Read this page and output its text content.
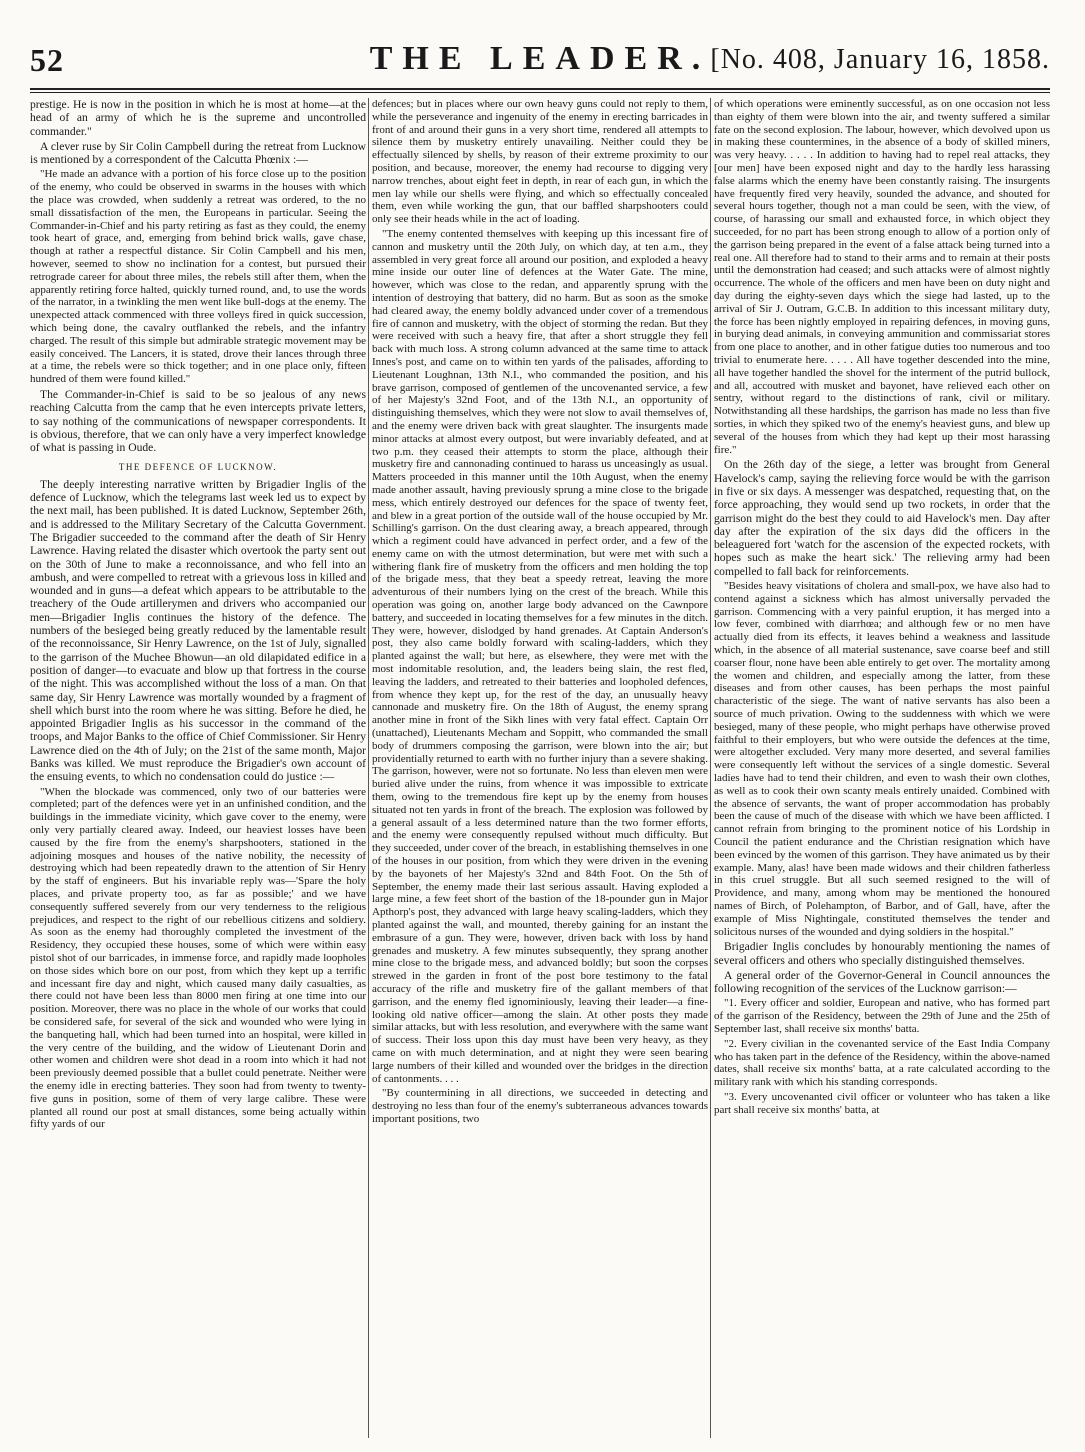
52	THE LEADER. [No. 408, January 16, 1858.

prestige. He is now in the position in which he is most at home—at the head of an army of which he is the supreme and uncontrolled commander."

A clever ruse by Sir Colin Campbell during the retreat from Lucknow is mentioned by a correspondent of the Calcutta Phœnix :—

"He made an advance with a portion of his force close up to the position of the enemy, who could be observed in swarms in the houses with which the place was crowded, when suddenly a retreat was ordered, to the no small dissatisfaction of the men, the Europeans in particular. Seeing the Commander-in-Chief and his party retiring as fast as they could, the enemy took heart of grace, and, emerging from behind brick walls, gave chase, though at rather a respectful distance. Sir Colin Campbell and his men, however, seemed to show no inclination for a contest, but pursued their retrograde career for about three miles, the rebels still after them, when the apparently retiring force halted, quickly turned round, and, to use the words of the narrator, in a twinkling the men went like bull-dogs at the enemy. The unexpected attack commenced with three volleys fired in quick succession, which being done, the cavalry outflanked the rebels, and the infantry charged. The result of this simple but admirable strategic movement may be easily conceived. The Lancers, it is stated, drove their lances through three at a time, the rebels were so thick together; and in one place only, fifteen hundred of them were found killed."

The Commander-in-Chief is said to be so jealous of any news reaching Calcutta from the camp that he even intercepts private letters, to say nothing of the communications of newspaper correspondents. It is obvious, therefore, that we can only have a very imperfect knowledge of what is passing in Oude.

THE DEFENCE OF LUCKNOW.

The deeply interesting narrative written by Brigadier Inglis of the defence of Lucknow, which the telegrams last week led us to expect by the next mail, has been published. It is dated Lucknow, September 26th, and is addressed to the Military Secretary of the Calcutta Government. The Brigadier succeeded to the command after the death of Sir Henry Lawrence. Having related the disaster which overtook the party sent out on the 30th of June to make a reconnoissance, and who fell into an ambush, and were compelled to retreat with a grievous loss in killed and wounded and in guns—a defeat which appears to be attributable to the treachery of the Oude artillerymen and drivers who accompanied our men—Brigadier Inglis continues the history of the defence. The numbers of the besieged being greatly reduced by the lamentable result of the reconnoissance, Sir Henry Lawrence, on the 1st of July, signalled to the garrison of the Muchee Bhowun—an old dilapidated edifice in a position of danger—to evacuate and blow up that fortress in the course of the night. This was accomplished without the loss of a man. On that same day, Sir Henry Lawrence was mortally wounded by a fragment of shell which burst into the room where he was sitting. Before he died, he appointed Brigadier Inglis as his successor in the command of the troops, and Major Banks to the office of Chief Commissioner. Sir Henry Lawrence died on the 4th of July; on the 21st of the same month, Major Banks was killed. We must reproduce the Brigadier's own account of the ensuing events, to which no condensation could do justice :—

"When the blockade was commenced, only two of our batteries were completed; part of the defences were yet in an unfinished condition, and the buildings in the immediate vicinity, which gave cover to the enemy, were only very partially cleared away. Indeed, our heaviest losses have been caused by the fire from the enemy's sharpshooters, stationed in the adjoining mosques and houses of the native nobility, the necessity of destroying which had been repeatedly drawn to the attention of Sir Henry by the staff of engineers. But his invariable reply was—'Spare the holy places, and private property too, as far as possible;' and we have consequently suffered severely from our very tenderness to the religious prejudices, and respect to the right of our rebellious citizens and soldiery. As soon as the enemy had thoroughly completed the investment of the Residency, they occupied these houses, some of which were within easy pistol shot of our barricades, in immense force, and rapidly made loopholes on those sides which bore on our post, from which they kept up a terrific and incessant fire day and night, which caused many daily casualties, as there could not have been less than 8000 men firing at one time into our position. Moreover, there was no place in the whole of our works that could be considered safe, for several of the sick and wounded who were lying in the banqueting hall, which had been turned into an hospital, were killed in the very centre of the building, and the widow of Lieutenant Dorin and other women and children were shot dead in a room into which it had not been previously deemed possible that a bullet could penetrate. Neither were the enemy idle in erecting batteries. They soon had from twenty to twenty-five guns in position, some of them of very large calibre. These were planted all round our post at small distances, some being actually within fifty yards of our

defences; but in places where our own heavy guns could not reply to them, while the perseverance and ingenuity of the enemy in erecting barricades in front of and around their guns in a very short time, rendered all attempts to silence them by musketry entirely unavailing. Neither could they be effectually silenced by shells, by reason of their extreme proximity to our position, and because, moreover, the enemy had recourse to digging very narrow trenches, about eight feet in depth, in rear of each gun, in which the men lay while our shells were flying, and which so effectually concealed them, even while working the gun, that our baffled sharpshooters could only see their heads while in the act of loading.

"The enemy contented themselves with keeping up this incessant fire of cannon and musketry until the 20th July, on which day, at ten a.m., they assembled in very great force all around our position, and exploded a heavy mine inside our outer line of defences at the Water Gate. The mine, however, which was close to the redan, and apparently sprung with the intention of destroying that battery, did no harm. But as soon as the smoke had cleared away, the enemy boldly advanced under cover of a tremendous fire of cannon and musketry, with the object of storming the redan. But they were received with such a heavy fire, that after a short struggle they fell back with much loss. A strong column advanced at the same time to attack Innes's post, and came on to within ten yards of the palisades, affording to Lieutenant Loughnan, 13th N.I., who commanded the position, and his brave garrison, composed of gentlemen of the uncovenanted service, a few of her Majesty's 32nd Foot, and of the 13th N.I., an opportunity of distinguishing themselves, which they were not slow to avail themselves of, and the enemy were driven back with great slaughter. The insurgents made minor attacks at almost every outpost, but were invariably defeated, and at two p.m. they ceased their attempts to storm the place, although their musketry fire and cannonading continued to harass us unceasingly as usual. Matters proceeded in this manner until the 10th August, when the enemy made another assault, having previously sprung a mine close to the brigade mess, which entirely destroyed our defences for the space of twenty feet, and blew in a great portion of the outside wall of the house occupied by Mr. Schilling's garrison. On the dust clearing away, a breach appeared, through which a regiment could have advanced in perfect order, and a few of the enemy came on with the utmost determination, but were met with such a withering flank fire of musketry from the officers and men holding the top of the brigade mess, that they beat a speedy retreat, leaving the more adventurous of their numbers lying on the crest of the breach. While this operation was going on, another large body advanced on the Cawnpore battery, and succeeded in locating themselves for a few minutes in the ditch. They were, however, dislodged by hand grenades. At Captain Anderson's post, they also came boldly forward with scaling-ladders, which they planted against the wall; but here, as elsewhere, they were met with the most indomitable resolution, and, the leaders being slain, the rest fled, leaving the ladders, and retreated to their batteries and loopholed defences, from whence they kept up, for the rest of the day, an unusually heavy cannonade and musketry fire. On the 18th of August, the enemy sprang another mine in front of the Sikh lines with very fatal effect. Captain Orr (unattached), Lieutenants Mecham and Soppitt, who commanded the small body of drummers composing the garrison, were blown into the air; but providentially returned to earth with no further injury than a severe shaking. The garrison, however, were not so fortunate. No less than eleven men were buried alive under the ruins, from whence it was impossible to extricate them, owing to the tremendous fire kept up by the enemy from houses situated not ten yards in front of the breach. The explosion was followed by a general assault of a less determined nature than the two former efforts, and the enemy were consequently repulsed without much difficulty. But they succeeded, under cover of the breach, in establishing themselves in one of the houses in our position, from which they were driven in the evening by the bayonets of her Majesty's 32nd and 84th Foot. On the 5th of September, the enemy made their last serious assault. Having exploded a large mine, a few feet short of the bastion of the 18-pounder gun in Major Apthorp's post, they advanced with large heavy scaling-ladders, which they planted against the wall, and mounted, thereby gaining for an instant the embrasure of a gun. They were, however, driven back with loss by hand grenades and musketry. A few minutes subsequently, they sprang another mine close to the brigade mess, and advanced boldly; but soon the corpses strewed in the garden in front of the post bore testimony to the fatal accuracy of the rifle and musketry fire of the gallant members of that garrison, and the enemy fled ignominiously, leaving their leader—a fine-looking old native officer—among the slain. At other posts they made similar attacks, but with less resolution, and everywhere with the same want of success. Their loss upon this day must have been very heavy, as they came on with much determination, and at night they were seen bearing large numbers of their killed and wounded over the bridges in the direction of cantonments. . . .

"By countermining in all directions, we succeeded in detecting and destroying no less than four of the enemy's subterraneous advances towards important positions, two

of which operations were eminently successful, as on one occasion not less than eighty of them were blown into the air, and twenty suffered a similar fate on the second explosion. The labour, however, which devolved upon us in making these countermines, in the absence of a body of skilled miners, was very heavy. . . . . In addition to having had to repel real attacks, they [our men] have been exposed night and day to the hardly less harassing false alarms which the enemy have been constantly raising. The insurgents have frequently fired very heavily, sounded the advance, and shouted for several hours together, though not a man could be seen, with the view, of course, of harassing our small and exhausted force, in which object they succeeded, for no part has been strong enough to allow of a portion only of the garrison being prepared in the event of a false attack being turned into a real one. All therefore had to stand to their arms and to remain at their posts until the demonstration had ceased; and such attacks were of almost nightly occurrence. The whole of the officers and men have been on duty night and day during the eighty-seven days which the siege had lasted, up to the arrival of Sir J. Outram, G.C.B. In addition to this incessant military duty, the force has been nightly employed in repairing defences, in moving guns, in burying dead animals, in conveying ammunition and commissariat stores from one place to another, and in other fatigue duties too numerous and too trivial to enumerate here. . . . . All have together descended into the mine, all have together handled the shovel for the interment of the putrid bullock, and all, accoutred with musket and bayonet, have relieved each other on sentry, without regard to the distinctions of rank, civil or military. Notwithstanding all these hardships, the garrison has made no less than five sorties, in which they spiked two of the enemy's heaviest guns, and blew up several of the houses from which they had kept up their most harassing fire."

On the 26th day of the siege, a letter was brought from General Havelock's camp, saying the relieving force would be with the garrison in five or six days. A messenger was despatched, requesting that, on the force approaching, they would send up two rockets, in order that the garrison might do the best they could to aid Havelock's men. Day after day after the expiration of the six days did the officers in the beleaguered fort 'watch for the ascension of the expected rockets, with hopes such as make the heart sick.' The relieving army had been compelled to fall back for reinforcements.

"Besides heavy visitations of cholera and small-pox, we have also had to contend against a sickness which has almost universally pervaded the garrison. Commencing with a very painful eruption, it has merged into a low fever, combined with diarrhœa; and although few or no men have actually died from its effects, it leaves behind a weakness and lassitude which, in the absence of all material sustenance, save coarse beef and still coarser flour, none have been able entirely to get over. The mortality among the women and children, and especially among the latter, from these diseases and from other causes, has been perhaps the most painful characteristic of the siege. The want of native servants has also been a source of much privation. Owing to the suddenness with which we were besieged, many of these people, who might perhaps have otherwise proved faithful to their employers, but who were outside the defences at the time, were altogether excluded. Very many more deserted, and several families were consequently left without the services of a single domestic. Several ladies have had to tend their children, and even to wash their own clothes, as well as to cook their own scanty meals entirely unaided. Combined with the absence of servants, the want of proper accommodation has probably been the cause of much of the disease with which we have been afflicted. I cannot refrain from bringing to the prominent notice of his Lordship in Council the patient endurance and the Christian resignation which have been evinced by the women of this garrison. They have animated us by their example. Many, alas! have been made widows and their children fatherless in this cruel struggle. But all such seemed resigned to the will of Providence, and many, among whom may be mentioned the honoured names of Birch, of Polehampton, of Barbor, and of Gall, have, after the example of Miss Nightingale, constituted themselves the tender and solicitous nurses of the wounded and dying soldiers in the hospital."

Brigadier Inglis concludes by honourably mentioning the names of several officers and others who specially distinguished themselves.

A general order of the Governor-General in Council announces the following recognition of the services of the Lucknow garrison:—

"1. Every officer and soldier, European and native, who has formed part of the garrison of the Residency, between the 29th of June and the 25th of September last, shall receive six months' batta.

"2. Every civilian in the covenanted service of the East India Company who has taken part in the defence of the Residency, within the above-named dates, shall receive six months' batta, at a rate calculated according to the military rank with which his standing corresponds.

"3. Every uncovenanted civil officer or volunteer who has taken a like part shall receive six months' batta, at
